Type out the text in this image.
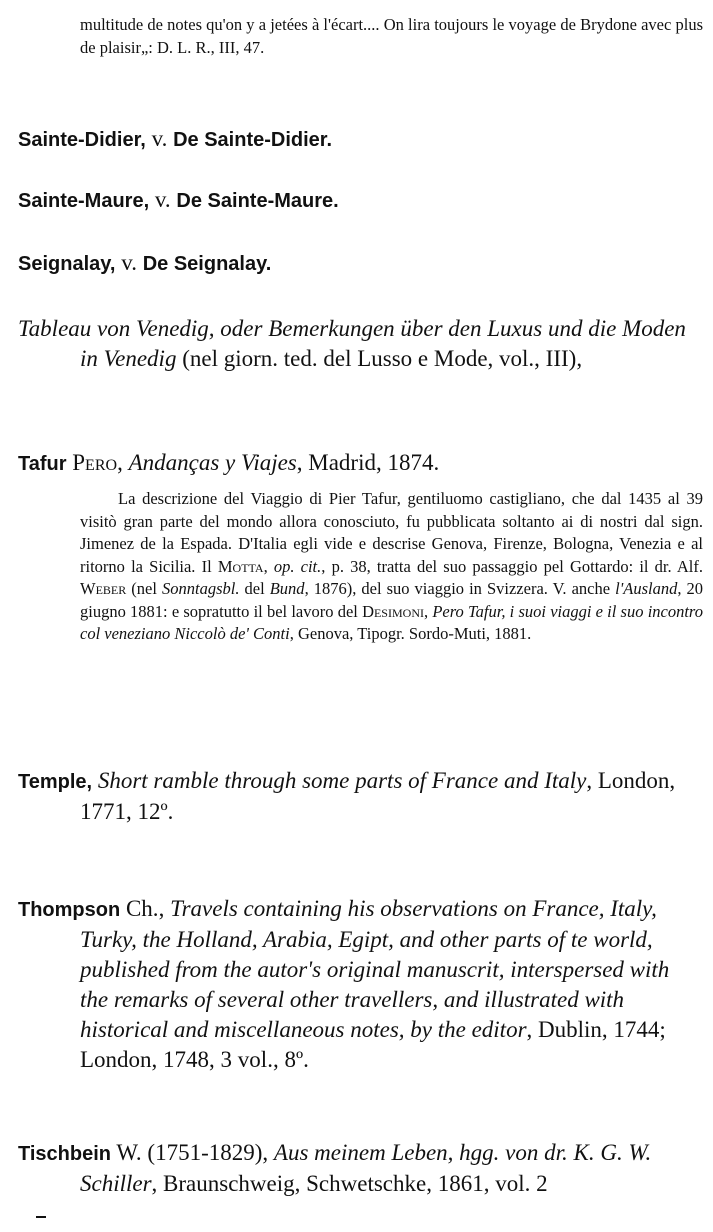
multitude de notes qu'on y a jetées à l'écart.... On lira toujours le voyage de Brydone avec plus de plaisir„: D. L. R., III, 47.

Sainte-Didier, v. De Sainte-Didier.

Sainte-Maure, v. De Sainte-Maure.

Seignalay, v. De Seignalay.

Tableau von Venedig, oder Bemerkungen über den Luxus und die Moden in Venedig (nel giorn. ted. del Lusso e Mode, vol., III),

Tafur Pero, Andanças y Viajes, Madrid, 1874.

La descrizione del Viaggio di Pier Tafur, gentiluomo castigliano, che dal 1435 al 39 visitò gran parte del mondo allora conosciuto, fu pubblicata soltanto ai di nostri dal sign. Jimenez de la Espada. D'Italia egli vide e descrise Genova, Firenze, Bologna, Venezia e al ritorno la Sicilia. Il Motta, op. cit., p. 38, tratta del suo passaggio pel Gottardo: il dr. Alf. Weber (nel Sonntagsbl. del Bund, 1876), del suo viaggio in Svizzera. V. anche l'Ausland, 20 giugno 1881: e sopratutto il bel lavoro del Desimoni, Pero Tafur, i suoi viaggi e il suo incontro col veneziano Niccolò de' Conti, Genova, Tipogr. Sordo-Muti, 1881.

Temple, Short ramble through some parts of France and Italy, London, 1771, 12º.

Thompson Ch., Travels containing his observations on France, Italy, Turky, the Holland, Arabia, Egipt, and other parts of te world, published from the autor's original manuscrit, interspersed with the remarks of several other travellers, and illustrated with historical and miscellaneous notes, by the editor, Dublin, 1744; London, 1748, 3 vol., 8º.

Tischbein W. (1751-1829), Aus meinem Leben, hgg. von dr. K. G. W. Schiller, Braunschweig, Schwetschke, 1861, vol. 2
